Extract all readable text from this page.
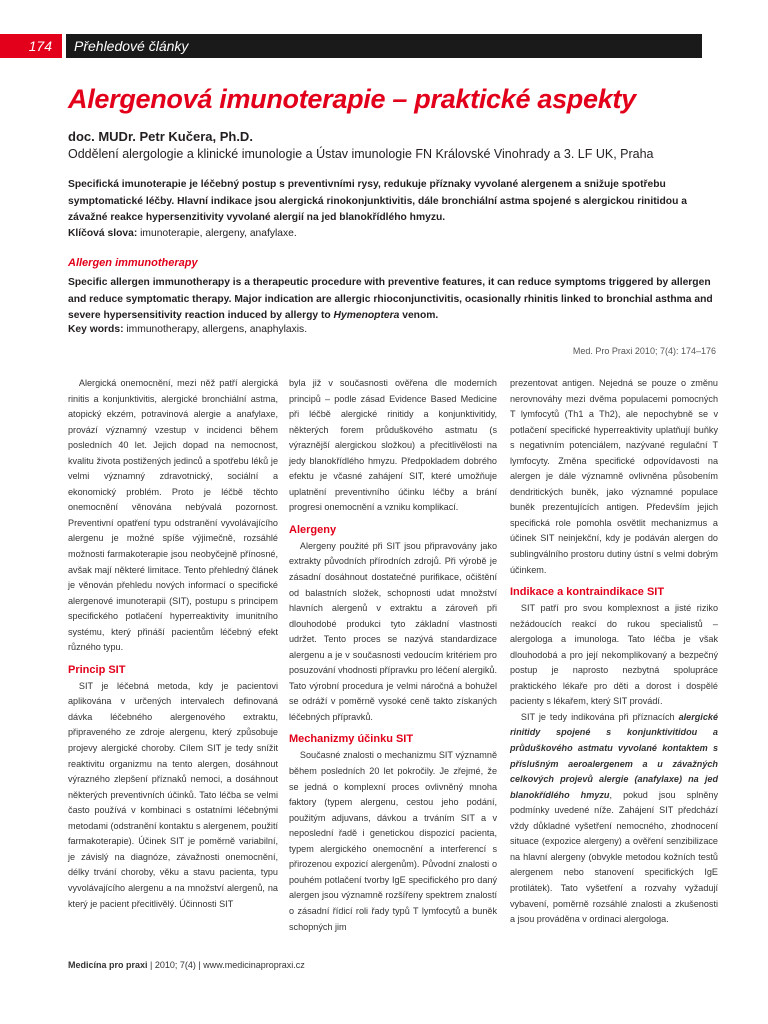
174	Přehledové články
Alergenová imunoterapie – praktické aspekty
doc. MUDr. Petr Kučera, Ph.D.
Oddělení alergologie a klinické imunologie a Ústav imunologie FN Královské Vinohrady a 3. LF UK, Praha
Specifická imunoterapie je léčebný postup s preventivními rysy, redukuje příznaky vyvolané alergenem a snižuje spotřebu symptomatické léčby. Hlavní indikace jsou alergická rinokonjunktivitis, dále bronchiální astma spojené s alergickou rinitidou a závažné reakce hypersenzitivity vyvolané alergií na jed blanokřídlého hmyzu.
Klíčová slova: imunoterapie, alergeny, anafylaxe.
Allergen immunotherapy
Specific allergen immunotherapy is a therapeutic procedure with preventive features, it can reduce symptoms triggered by allergen and reduce symptomatic therapy. Major indication are allergic rhioconjunctivitis, ocasionally rhinitis linked to bronchial asthma and severe hypersensitivity reaction induced by allergy to Hymenoptera venom.
Key words: immunotherapy, allergens, anaphylaxis.
Med. Pro Praxi 2010; 7(4): 174–176

Alergická onemocnění, mezi něž patří alergická rinitis a konjunktivitis, alergické bronchiální astma, atopický ekzém, potravinová alergie a anafylaxe, provází významný vzestup v incidenci během posledních 40 let. Jejich dopad na nemocnost, kvalitu života postižených jedinců a spotřebu léků je velmi významný zdravotnický, sociální a ekonomický problém. Proto je léčbě těchto onemocnění věnována nebývalá pozornost. Preventivní opatření typu odstranění vyvolávajícího alergenu je možné spíše výjimečně, rozsáhlé možnosti farmakoterapie jsou neobyčejně přínosné, avšak mají některé limitace. Tento přehledný článek je věnován přehledu nových informací o specifické alergenové imunoterapii (SIT), postupu s principem specifického potlačení hyperreaktivity imunitního systému, který přináší pacientům léčebný efekt různého typu.

Princip SIT

SIT je léčebná metoda, kdy je pacientovi aplikována v určených intervalech definovaná dávka léčebného alergenového extraktu, připraveného ze zdroje alergenu, který způsobuje projevy alergické choroby. Cílem SIT je tedy snížit reaktivitu organizmu na tento alergen, dosáhnout výrazného zlepšení příznaků nemoci, a dosáhnout některých preventivních účinků. Tato léčba se velmi často používá v kombinaci s ostatními léčebnými metodami (odstranění kontaktu s alergenem, použití farmakoterapie). Účinek SIT je poměrně variabilní, je závislý na diagnóze, závažnosti onemocnění, délky trvání choroby, věku a stavu pacienta, typu vyvolávajícího alergenu a na množství alergenů, na který je pacient přecitlivělý. Účinnosti SIT

byla již v současnosti ověřena dle moderních principů – podle zásad Evidence Based Medicine při léčbě alergické rinitidy a konjunktivitidy, některých forem průduškového astmatu (s výraznější alergickou složkou) a přecitlivělosti na jedy blanokřídlého hmyzu. Předpokladem dobrého efektu je včasné zahájení SIT, které umožňuje uplatnění preventivního účinku léčby a brání progresi onemocnění a vzniku komplikací.

Alergeny

Alergeny použité při SIT jsou připravovány jako extrakty původních přírodních zdrojů. Při výrobě je zásadní dosáhnout dostatečné purifikace, očištění od balastních složek, schopnosti udat množství hlavních alergenů v extraktu a zároveň při dlouhodobé produkci tyto základní vlastnosti udržet. Tento proces se nazývá standardizace alergenu a je v současnosti vedoucím kritériem pro posuzování vhodnosti přípravku pro léčení alergiků. Tato výrobní procedura je velmi náročná a bohužel se odráží v poměrně vysoké ceně takto získaných léčebných přípravků.

Mechanizmy účinku SIT

Současné znalosti o mechanizmu SIT významně během posledních 20 let pokročily. Je zřejmé, že se jedná o komplexní proces ovlivněný mnoha faktory (typem alergenu, cestou jeho podání, použitým adjuvans, dávkou a trváním SIT a v neposlední řadě i genetickou dispozicí pacienta, typem alergického onemocnění a interferencí s přirozenou expozicí alergenům). Původní znalosti o pouhém potlačení tvorby IgE specifického pro daný alergen jsou významně rozšířeny spektrem znalostí o zásadní řídicí roli řady typů T lymfocytů a buněk schopných jim

prezentovat antigen. Nejedná se pouze o změnu nerovnováhy mezi dvěma populacemi pomocných T lymfocytů (Th1 a Th2), ale nepochybně se v potlačení specifické hyperreaktivity uplatňují buňky s negativním potenciálem, nazývané regulační T lymfocyty. Změna specifické odpovídavosti na alergen je dále významně ovlivněna působením dendritických buněk, jako významné populace buněk prezentujících antigen. Především jejich specifická role pomohla osvětlit mechanizmus a účinek SIT neinjekční, kdy je podáván alergen do sublingválního prostoru dutiny ústní s velmi dobrým účinkem.

Indikace a kontraindikace SIT

SIT patří pro svou komplexnost a jisté riziko nežádoucích reakcí do rukou specialistů – alergologa a imunologa. Tato léčba je však dlouhodobá a pro její nekomplikovaný a bezpečný postup je naprosto nezbytná spolupráce praktického lékaře pro děti a dorost i dospělé pacienty s lékařem, který SIT provádí.

SIT je tedy indikována při příznacích alergické rinitidy spojené s konjunktivitidou a průduškového astmatu vyvolané kontaktem s příslušným aeroalergenem a u závažných celkových projevů alergie (anafylaxe) na jed blanokřídlého hmyzu, pokud jsou splněny podmínky uvedené níže. Zahájení SIT předchází vždy důkladné vyšetření nemocného, zhodnocení situace (expozice alergeny) a ověření senzibilizace na hlavní alergeny (obvykle metodou kožních testů alergenem nebo stanovení specifických IgE protilátek). Tato vyšetření a rozvahy vyžadují vybavení, poměrně rozsáhlé znalosti a zkušenosti a jsou prováděna v ordinaci alergologa.

Medicína pro praxi | 2010; 7(4) | www.medicinapropraxi.cz
